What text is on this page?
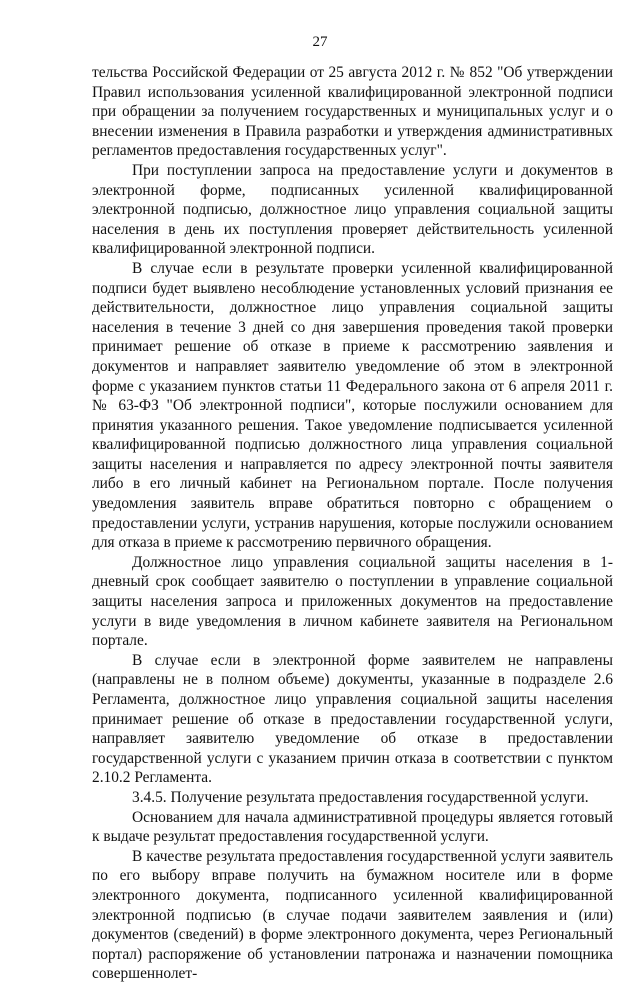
27

тельства Российской Федерации от 25 августа 2012 г. № 852 "Об утверждении Правил использования усиленной квалифицированной электронной подписи при обращении за получением государственных и муниципальных услуг и о внесении изменения в Правила разработки и утверждения административных регламентов предоставления государственных услуг".

При поступлении запроса на предоставление услуги и документов в электронной форме, подписанных усиленной квалифицированной электронной подписью, должностное лицо управления социальной защиты населения в день их поступления проверяет действительность усиленной квалифицированной электронной подписи.

В случае если в результате проверки усиленной квалифицированной подписи будет выявлено несоблюдение установленных условий признания ее действительности, должностное лицо управления социальной защиты населения в течение 3 дней со дня завершения проведения такой проверки принимает решение об отказе в приеме к рассмотрению заявления и документов и направляет заявителю уведомление об этом в электронной форме с указанием пунктов статьи 11 Федерального закона от 6 апреля 2011 г. № 63-ФЗ "Об электронной подписи", которые послужили основанием для принятия указанного решения. Такое уведомление подписывается усиленной квалифицированной подписью должностного лица управления социальной защиты населения и направляется по адресу электронной почты заявителя либо в его личный кабинет на Региональном портале. После получения уведомления заявитель вправе обратиться повторно с обращением о предоставлении услуги, устранив нарушения, которые послужили основанием для отказа в приеме к рассмотрению первичного обращения.

Должностное лицо управления социальной защиты населения в 1-дневный срок сообщает заявителю о поступлении в управление социальной защиты населения запроса и приложенных документов на предоставление услуги в виде уведомления в личном кабинете заявителя на Региональном портале.

В случае если в электронной форме заявителем не направлены (направлены не в полном объеме) документы, указанные в подразделе 2.6 Регламента, должностное лицо управления социальной защиты населения принимает решение об отказе в предоставлении государственной услуги, направляет заявителю уведомление об отказе в предоставлении государственной услуги с указанием причин отказа в соответствии с пунктом 2.10.2 Регламента.

3.4.5. Получение результата предоставления государственной услуги.

Основанием для начала административной процедуры является готовый к выдаче результат предоставления государственной услуги.

В качестве результата предоставления государственной услуги заявитель по его выбору вправе получить на бумажном носителе или в форме электронного документа, подписанного усиленной квалифицированной электронной подписью (в случае подачи заявителем заявления и (или) документов (сведений) в форме электронного документа, через Региональный портал) распоряжение об установлении патронажа и назначении помощника совершеннолет-
